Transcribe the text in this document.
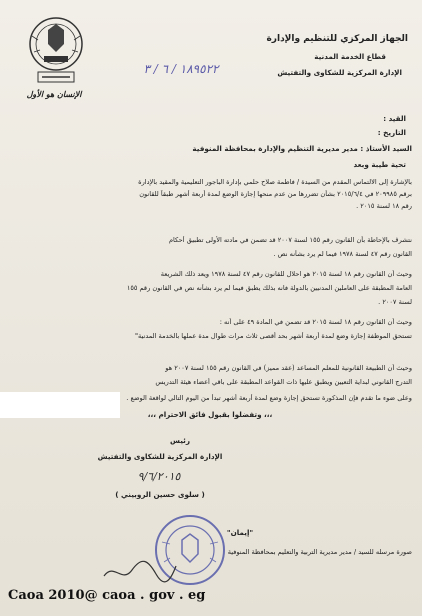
الإنسان هو الأول
١٨٩٥٢٢ / ٦ / ٣
الجهاز المركزي للتنظيم والإدارة
قطاع الخدمة المدنية
الإدارة المركزية للشكاوى والتفتيش
القيد :
التاريخ :
السيد الأستاذ : مدير مديرية التنظيم والإدارة بمحافظة المنوفية
تحية طيبة وبعد
بالإشارة إلى الالتماس المقدم من السيدة / فاطمة صلاح حلمي بإدارة الباجور التعليمية والمقيد بالإدارة
برقم ٢٠٩٩٨٥ في ٢٠١٥/٦/٤ بشأن تضررها من عدم منحها إجازة الوضع لمدة أربعة أشهر طبقاً للقانون
رقم ١٨ لسنة ٢٠١٥ .
نتشرف بالإحاطة بأن القانون رقم ١٥٥ لسنة ٢٠٠٧ قد تضمن في مادته الأولى تطبيق أحكام
القانون رقم ٤٧ لسنة ١٩٧٨ فيما لم يرد بشأنه نص .
وحيث أن القانون رقم ١٨ لسنة ٢٠١٥ هو احلال للقانون رقم ٤٧ لسنة ١٩٧٨ ويعد ذلك الشريعة
العامة المطبقة على العاملين المدنيين بالدولة فانه بذلك يطبق فيما لم يرد بشأنه نص في القانون رقم ١٥٥
لسنة ٢٠٠٧ .
وحيث أن القانون رقم ١٨ لسنة ٢٠١٥ قد تضمن في المادة ٤٩ على أنه :
تستحق الموظفة إجازة وضع لمدة أربعة أشهر بحد أقصى ثلاث مرات طوال مدة عملها بالخدمة المدنية"
وحيث أن الطبيعة القانونية للمعلم المساعد (عقد مميز) في القانون رقم ١٥٥ لسنة ٢٠٠٧ هو
التدرج القانوني لبداية التعيين ويطبق عليها ذات القواعد المطبقة على باقي أعضاء هيئة التدريس
وعلى ضوء ما تقدم فإن المذكورة تستحق إجازة وضع لمدة أربعة أشهر تبدأ من اليوم التالي لواقعة الوضع .
،،، وتفضلوا بقبول فائق الاحترام ،،،
رئيس
الإدارة المركزية للشكاوى والتفتيش
٩/٦/٢٠١٥
( سلوى حسين الروبيني )
"إيمان"
صورة مرسله للسيد / مدير مديرية التربية والتعليم بمحافظة المنوفية
Caoa 2010@ caoa . gov . eg
